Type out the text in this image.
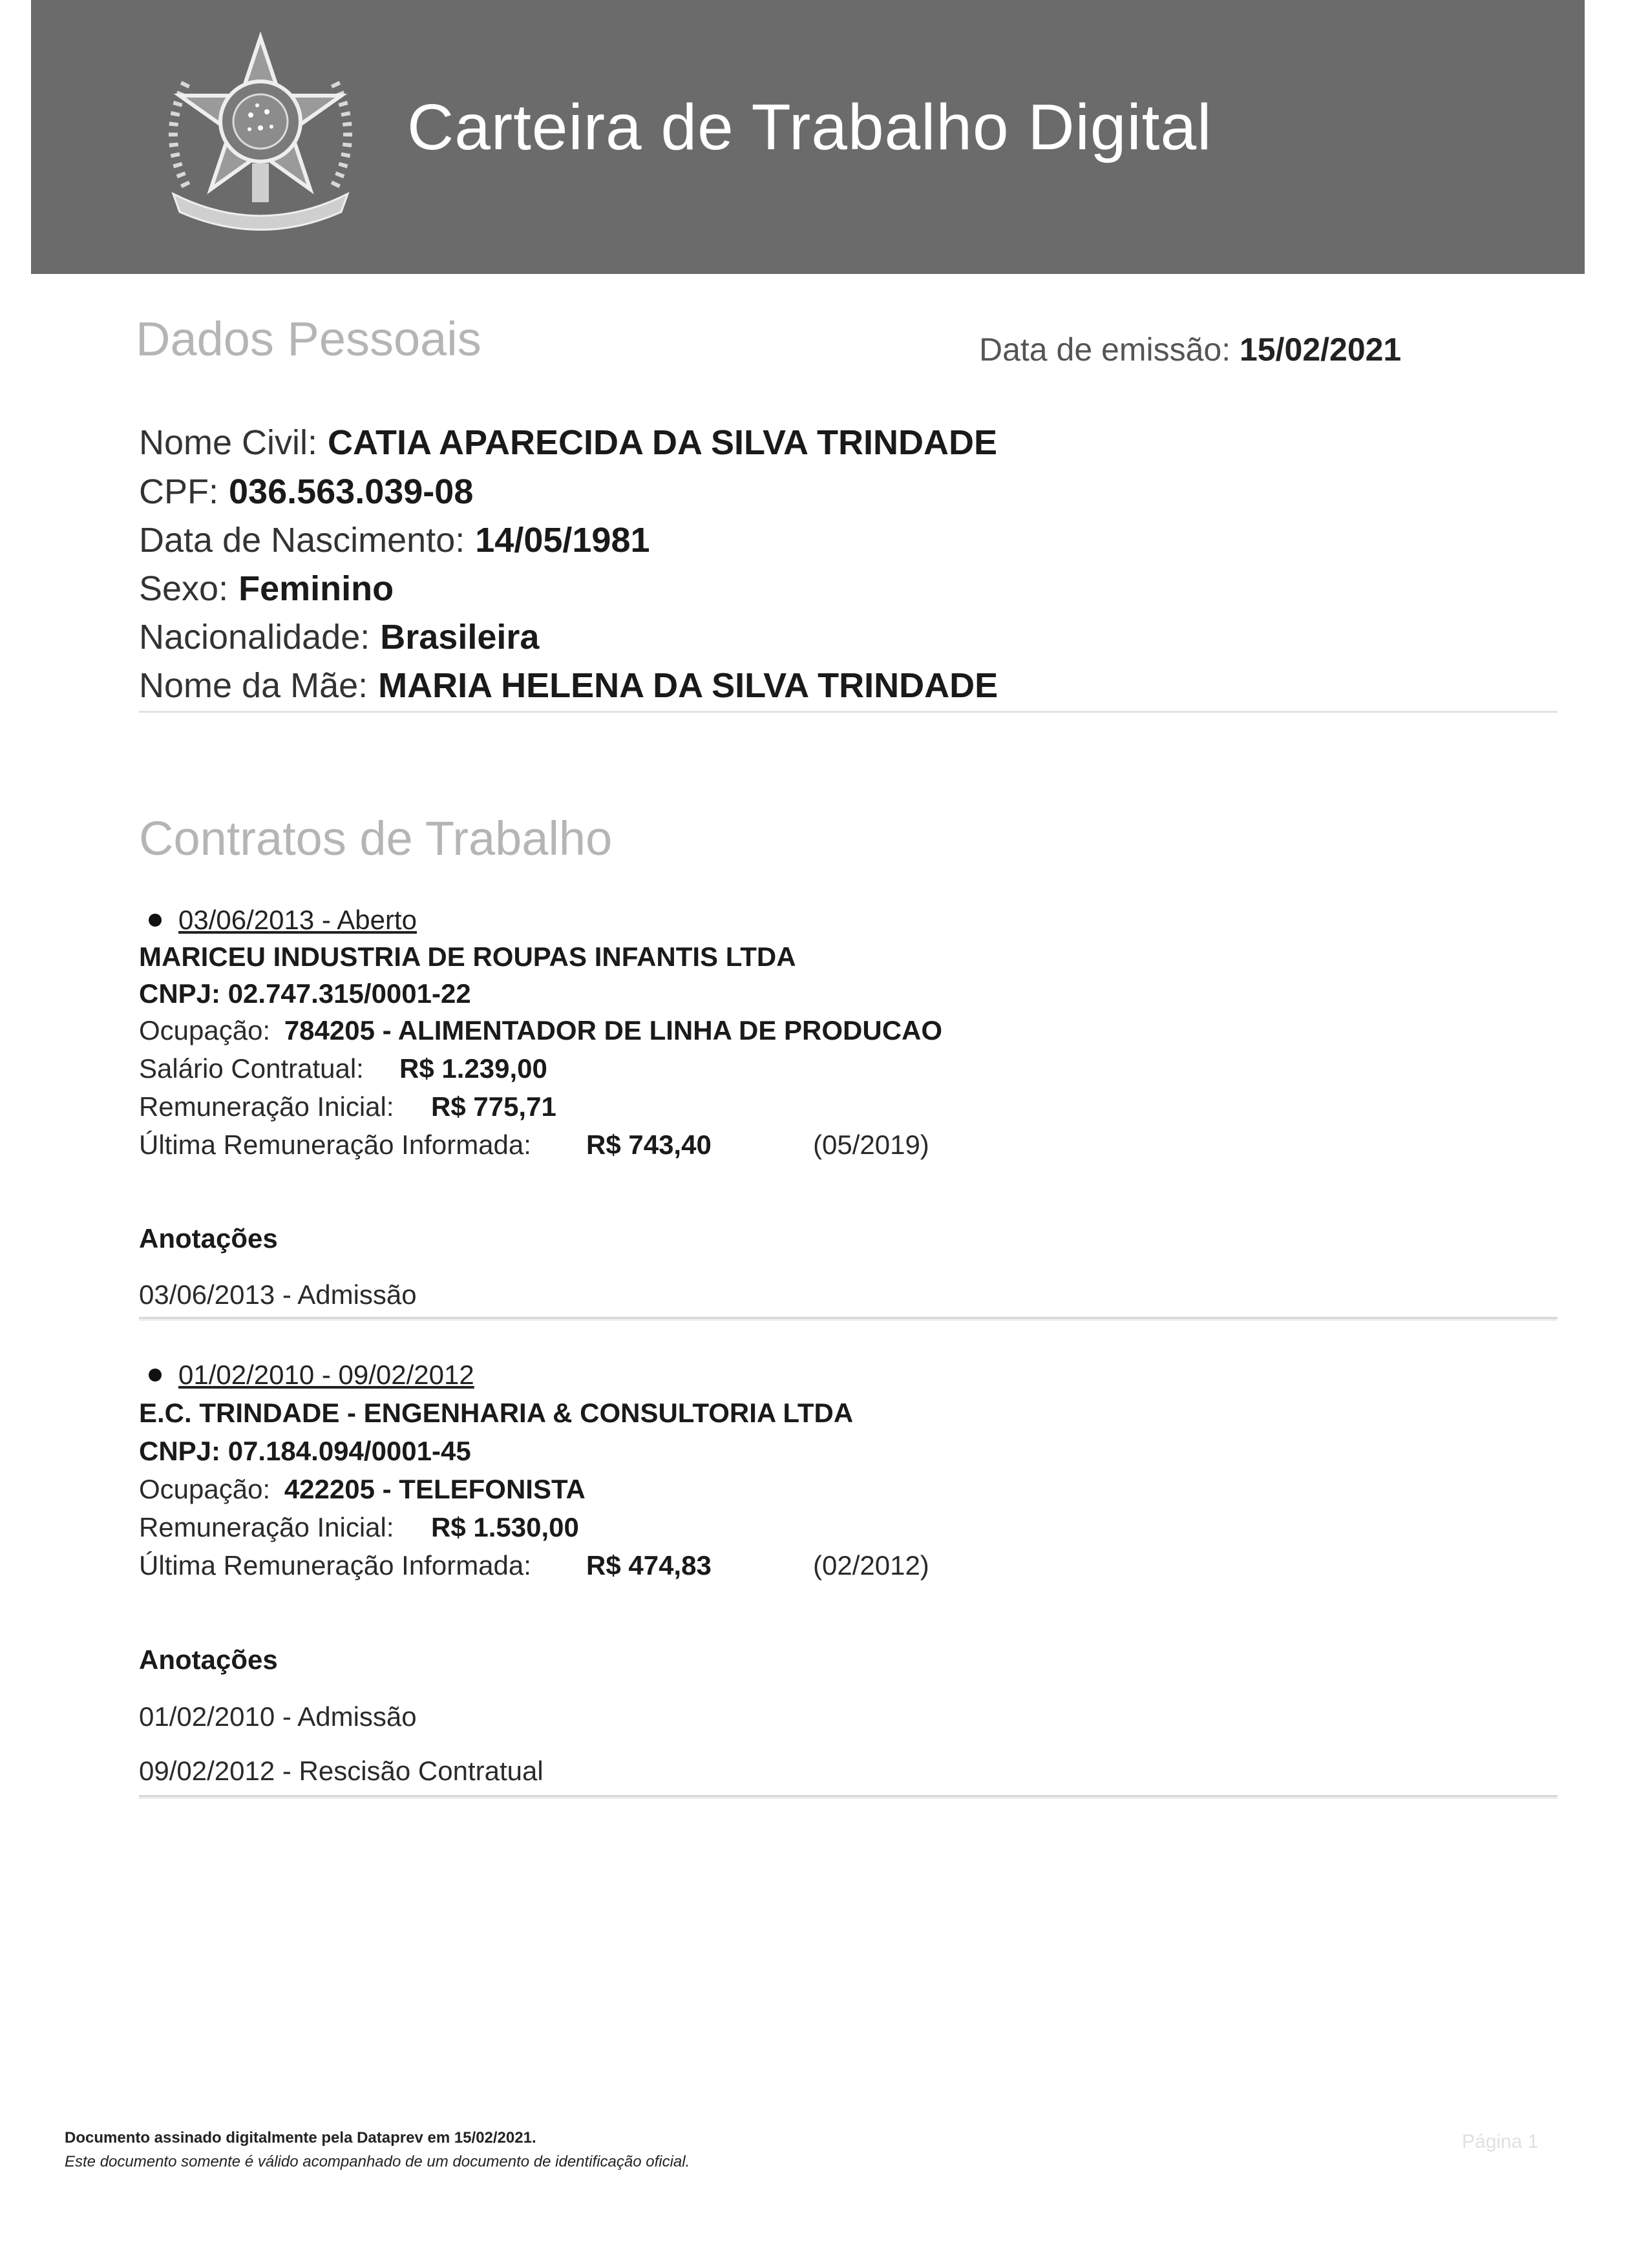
Carteira de Trabalho Digital
Dados Pessoais	Data de emissão: 15/02/2021
Nome Civil: CATIA APARECIDA DA SILVA TRINDADE
CPF: 036.563.039-08
Data de Nascimento: 14/05/1981
Sexo: Feminino
Nacionalidade: Brasileira
Nome da Mãe: MARIA HELENA DA SILVA TRINDADE
Contratos de Trabalho
03/06/2013 - Aberto
MARICEU INDUSTRIA DE ROUPAS INFANTIS LTDA
CNPJ: 02.747.315/0001-22
Ocupação: 784205 - ALIMENTADOR DE LINHA DE PRODUCAO
Salário Contratual: R$ 1.239,00
Remuneração Inicial: R$ 775,71
Última Remuneração Informada: R$ 743,40	(05/2019)
Anotações
03/06/2013 - Admissão
01/02/2010 - 09/02/2012
E.C. TRINDADE - ENGENHARIA & CONSULTORIA LTDA
CNPJ: 07.184.094/0001-45
Ocupação: 422205 - TELEFONISTA
Remuneração Inicial: R$ 1.530,00
Última Remuneração Informada: R$ 474,83	(02/2012)
Anotações
01/02/2010 - Admissão
09/02/2012 - Rescisão Contratual
Documento assinado digitalmente pela Dataprev em 15/02/2021.
Este documento somente é válido acompanhado de um documento de identificação oficial.
Página 1
